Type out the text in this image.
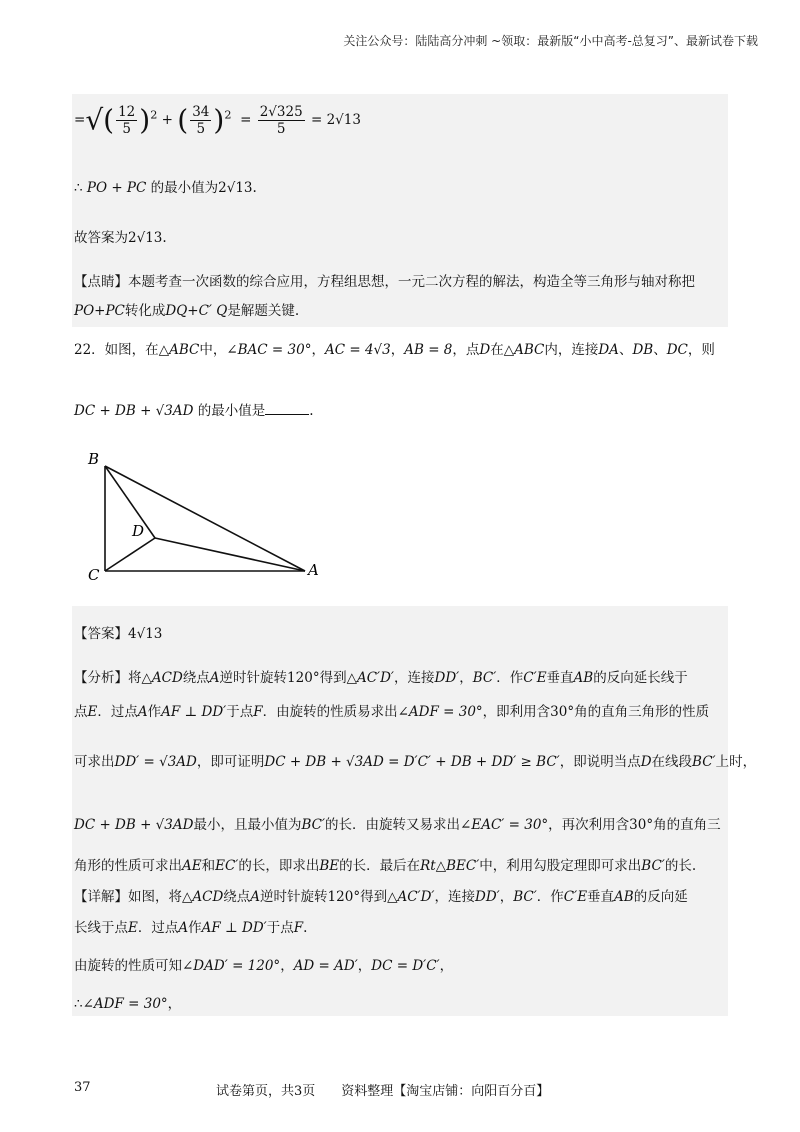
关注公众号：陆陆高分冲刺 ~领取：最新版“小中高考-总复习”、最新试卷下载
=√( $\frac{12}{5} )^2$ + ( $\frac{34}{5} )^2 = \frac{2√325}{5} = 2√13$
∴ PO + PC 的最小值为2√13.
故答案为2√13.
【点睛】本题考查一次函数的综合应用，方程组思想，一元二次方程的解法，构造全等三角形与轴对称把
PO+PC转化成DQ+C′ Q是解题关键.
22．如图，在△ABC中，∠BAC = 30°，AC = 4√3，AB = 8，点D在△ABC内，连接DA、DB、DC，则
DC + DB + √3AD 的最小值是	.
B
C
D
A
【答案】4√13
【分析】将△ACD绕点A逆时针旋转120°得到△AC′D′，连接DD′，BC′．作C′E垂直AB的反向延长线于
点E．过点A作AF ⊥ DD′于点F．由旋转的性质易求出∠ADF = 30°，即利用含30°角的直角三角形的性质
可求出DD′ = √3AD，即可证明DC + DB + √3AD = D′C′ + DB + DD′ ≥ BC′，即说明当点D在线段BC′上时，
DC + DB + √3AD最小，且最小值为BC′的长．由旋转又易求出∠EAC′ = 30°，再次利用含30°角的直角三
角形的性质可求出AE和EC′的长，即求出BE的长．最后在Rt△BEC′中，利用勾股定理即可求出BC′的长.
【详解】如图，将△ACD绕点A逆时针旋转120°得到△AC′D′，连接DD′，BC′．作C′E垂直AB的反向延
长线于点E．过点A作AF ⊥ DD′于点F.
由旋转的性质可知∠DAD′ = 120°，AD = AD′，DC = D′C′，
∴∠ADF = 30°，
37	试卷第页，共3页　　资料整理【淘宝店铺：向阳百分百】
